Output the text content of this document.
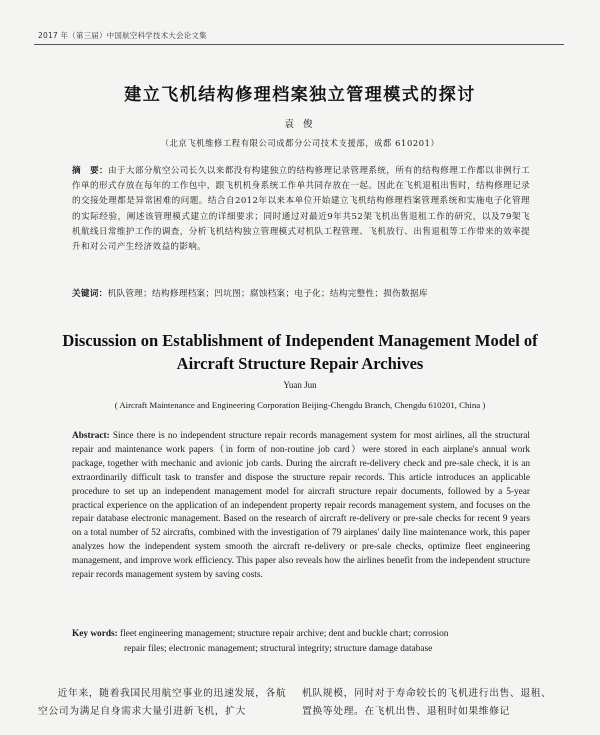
2017 年（第三届）中国航空科学技术大会论文集
建立飞机结构修理档案独立管理模式的探讨
袁 俊
（北京飞机维修工程有限公司成都分公司技术支援部，成都 610201）
摘　要：由于大部分航空公司长久以来都没有构建独立的结构修理记录管理系统，所有的结构修理工作都以非例行工作单的形式存放在每年的工作包中，跟飞机机身系统工作单共同存放在一起。因此在飞机退租出售时，结构修理记录的交接处理都是异常困难的问题。结合自2012年以来本单位开始建立飞机结构修理档案管理系统和实施电子化管理的实际经验，阐述该管理模式建立的详细要求；同时通过对最近9年共52架飞机出售退租工作的研究，以及79架飞机航线日常维护工作的调查，分析飞机结构独立管理模式对机队工程管理、飞机放行、出售退租等工作带来的效率提升和对公司产生经济效益的影响。
关键词：机队管理；结构修理档案；凹坑图；腐蚀档案；电子化；结构完整性；损伤数据库
Discussion on Establishment of Independent Management Model of
Aircraft Structure Repair Archives
Yuan Jun
( Aircraft Maintenance and Engineering Corporation Beijing-Chengdu Branch, Chengdu 610201, China )
Abstract: Since there is no independent structure repair records management system for most airlines, all the structural repair and maintenance work papers（in form of non-routine job card）were stored in each airplane's annual work package, together with mechanic and avionic job cards. During the aircraft re-delivery check and pre-sale check, it is an extraordinarily difficult task to transfer and dispose the structure repair records. This article introduces an applicable procedure to set up an independent management model for aircraft structure repair documents, followed by a 5-year practical experience on the application of an independent property repair records management system, and focuses on the repair database electronic management. Based on the research of aircraft re-delivery or pre-sale checks for recent 9 years on a total number of 52 aircrafts, combined with the investigation of 79 airplanes' daily line maintenance work, this paper analyzes how the independent system smooth the aircraft re-delivery or pre-sale checks, optimize fleet engineering management, and improve work efficiency. This paper also reveals how the airlines benefit from the independent structure repair records management system by saving costs.
Key words: fleet engineering management; structure repair archive; dent and buckle chart; corrosion
repair files; electronic management; structural integrity; structure damage database
近年来，随着我国民用航空事业的迅速发展，各航空公司为满足自身需求大量引进新飞机，扩大
机队规模，同时对于寿命较长的飞机进行出售、退租、置换等处理。在飞机出售、退租时如果维修记
